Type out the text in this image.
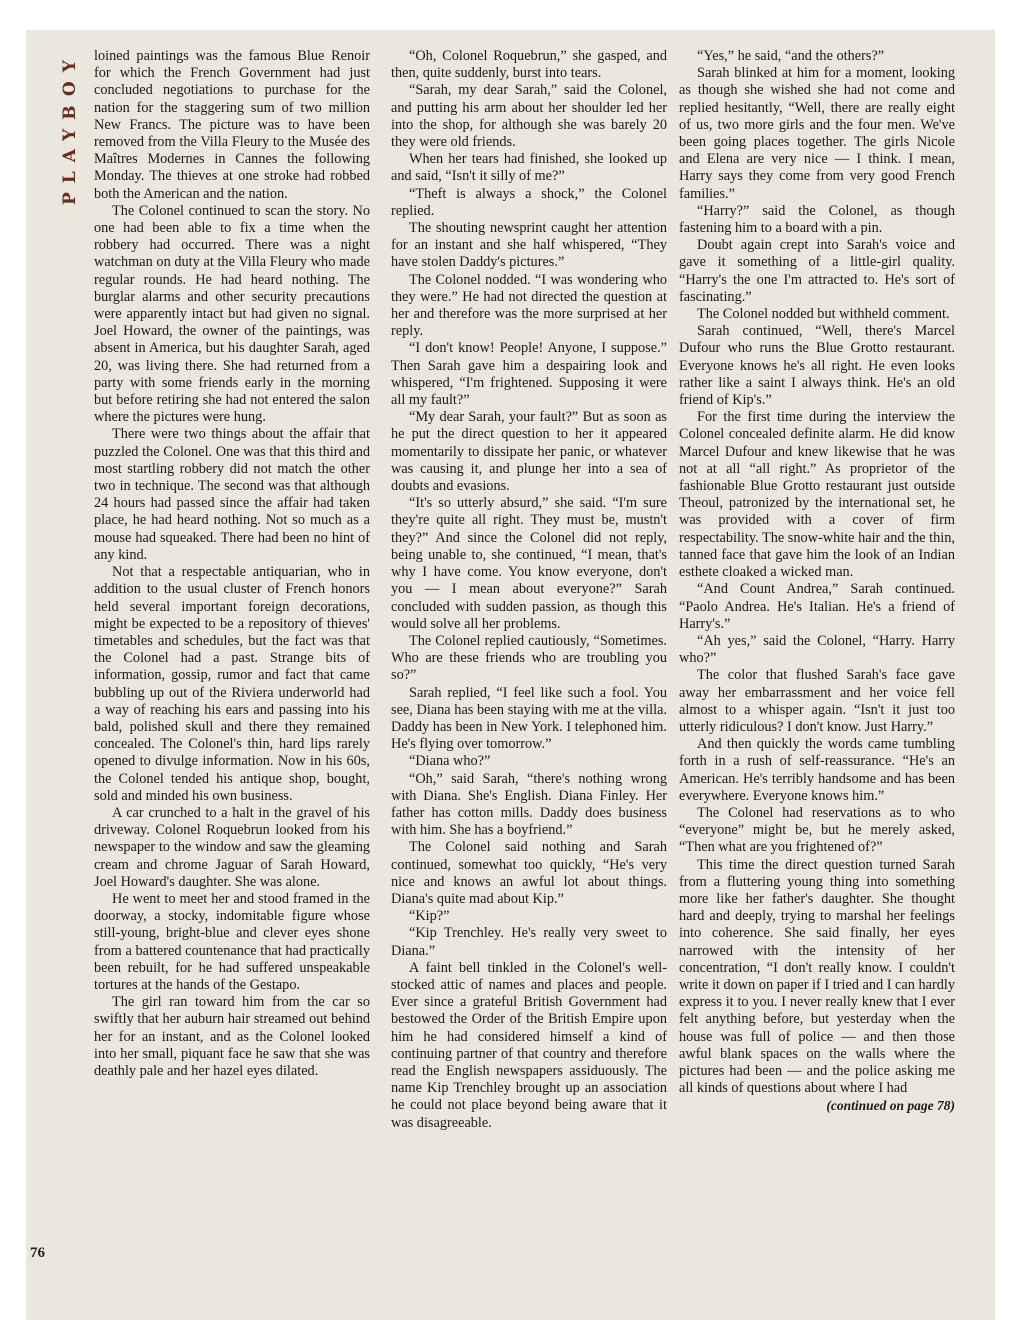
PLAYBOY
76

loined paintings was the famous Blue Renoir for which the French Government had just concluded negotiations to purchase for the nation for the staggering sum of two million New Francs. The picture was to have been removed from the Villa Fleury to the Musée des Maîtres Modernes in Cannes the following Monday. The thieves at one stroke had robbed both the American and the nation.

The Colonel continued to scan the story. No one had been able to fix a time when the robbery had occurred. There was a night watchman on duty at the Villa Fleury who made regular rounds. He had heard nothing. The burglar alarms and other security precautions were apparently intact but had given no signal. Joel Howard, the owner of the paintings, was absent in America, but his daughter Sarah, aged 20, was living there. She had returned from a party with some friends early in the morning but before retiring she had not entered the salon where the pictures were hung.

There were two things about the affair that puzzled the Colonel. One was that this third and most startling robbery did not match the other two in technique. The second was that although 24 hours had passed since the affair had taken place, he had heard nothing. Not so much as a mouse had squeaked. There had been no hint of any kind.

Not that a respectable antiquarian, who in addition to the usual cluster of French honors held several important foreign decorations, might be expected to be a repository of thieves' timetables and schedules, but the fact was that the Colonel had a past. Strange bits of information, gossip, rumor and fact that came bubbling up out of the Riviera underworld had a way of reaching his ears and passing into his bald, polished skull and there they remained concealed. The Colonel's thin, hard lips rarely opened to divulge information. Now in his 60s, the Colonel tended his antique shop, bought, sold and minded his own business.

A car crunched to a halt in the gravel of his driveway. Colonel Roquebrun looked from his newspaper to the window and saw the gleaming cream and chrome Jaguar of Sarah Howard, Joel Howard's daughter. She was alone.

He went to meet her and stood framed in the doorway, a stocky, indomitable figure whose still-young, bright-blue and clever eyes shone from a battered countenance that had practically been rebuilt, for he had suffered unspeakable tortures at the hands of the Gestapo.

The girl ran toward him from the car so swiftly that her auburn hair streamed out behind her for an instant, and as the Colonel looked into her small, piquant face he saw that she was deathly pale and her hazel eyes dilated.

“Oh, Colonel Roquebrun,” she gasped, and then, quite suddenly, burst into tears.

“Sarah, my dear Sarah,” said the Colonel, and putting his arm about her shoulder led her into the shop, for although she was barely 20 they were old friends.

When her tears had finished, she looked up and said, “Isn't it silly of me?”

“Theft is always a shock,” the Colonel replied.

The shouting newsprint caught her attention for an instant and she half whispered, “They have stolen Daddy's pictures.”

The Colonel nodded. “I was wondering who they were.” He had not directed the question at her and therefore was the more surprised at her reply.

“I don't know! People! Anyone, I suppose.” Then Sarah gave him a despairing look and whispered, “I'm frightened. Supposing it were all my fault?”

“My dear Sarah, your fault?” But as soon as he put the direct question to her it appeared momentarily to dissipate her panic, or whatever was causing it, and plunge her into a sea of doubts and evasions.

“It's so utterly absurd,” she said. “I'm sure they're quite all right. They must be, mustn't they?” And since the Colonel did not reply, being unable to, she continued, “I mean, that's why I have come. You know everyone, don't you — I mean about everyone?” Sarah concluded with sudden passion, as though this would solve all her problems.

The Colonel replied cautiously, “Sometimes. Who are these friends who are troubling you so?”

Sarah replied, “I feel like such a fool. You see, Diana has been staying with me at the villa. Daddy has been in New York. I telephoned him. He's flying over tomorrow.”

“Diana who?”

“Oh,” said Sarah, “there's nothing wrong with Diana. She's English. Diana Finley. Her father has cotton mills. Daddy does business with him. She has a boyfriend.”

The Colonel said nothing and Sarah continued, somewhat too quickly, “He's very nice and knows an awful lot about things. Diana's quite mad about Kip.”

“Kip?”

“Kip Trenchley. He's really very sweet to Diana.”

A faint bell tinkled in the Colonel's well-stocked attic of names and places and people. Ever since a grateful British Government had bestowed the Order of the British Empire upon him he had considered himself a kind of continuing partner of that country and therefore read the English newspapers assiduously. The name Kip Trenchley brought up an association he could not place beyond being aware that it was disagreeable.

“Yes,” he said, “and the others?”

Sarah blinked at him for a moment, looking as though she wished she had not come and replied hesitantly, “Well, there are really eight of us, two more girls and the four men. We've been going places together. The girls Nicole and Elena are very nice — I think. I mean, Harry says they come from very good French families.”

“Harry?” said the Colonel, as though fastening him to a board with a pin.

Doubt again crept into Sarah's voice and gave it something of a little-girl quality. “Harry's the one I'm attracted to. He's sort of fascinating.”

The Colonel nodded but withheld comment.

Sarah continued, “Well, there's Marcel Dufour who runs the Blue Grotto restaurant. Everyone knows he's all right. He even looks rather like a saint I always think. He's an old friend of Kip's.”

For the first time during the interview the Colonel concealed definite alarm. He did know Marcel Dufour and knew likewise that he was not at all “all right.” As proprietor of the fashionable Blue Grotto restaurant just outside Theoul, patronized by the international set, he was provided with a cover of firm respectability. The snow-white hair and the thin, tanned face that gave him the look of an Indian esthete cloaked a wicked man.

“And Count Andrea,” Sarah continued. “Paolo Andrea. He's Italian. He's a friend of Harry's.”

“Ah yes,” said the Colonel, “Harry. Harry who?”

The color that flushed Sarah's face gave away her embarrassment and her voice fell almost to a whisper again. “Isn't it just too utterly ridiculous? I don't know. Just Harry.”

And then quickly the words came tumbling forth in a rush of self-reassurance. “He's an American. He's terribly handsome and has been everywhere. Everyone knows him.”

The Colonel had reservations as to who “everyone” might be, but he merely asked, “Then what are you frightened of?”

This time the direct question turned Sarah from a fluttering young thing into something more like her father's daughter. She thought hard and deeply, trying to marshal her feelings into coherence. She said finally, her eyes narrowed with the intensity of her concentration, “I don't really know. I couldn't write it down on paper if I tried and I can hardly express it to you. I never really knew that I ever felt anything before, but yesterday when the house was full of police — and then those awful blank spaces on the walls where the pictures had been — and the police asking me all kinds of questions about where I had

(continued on page 78)
